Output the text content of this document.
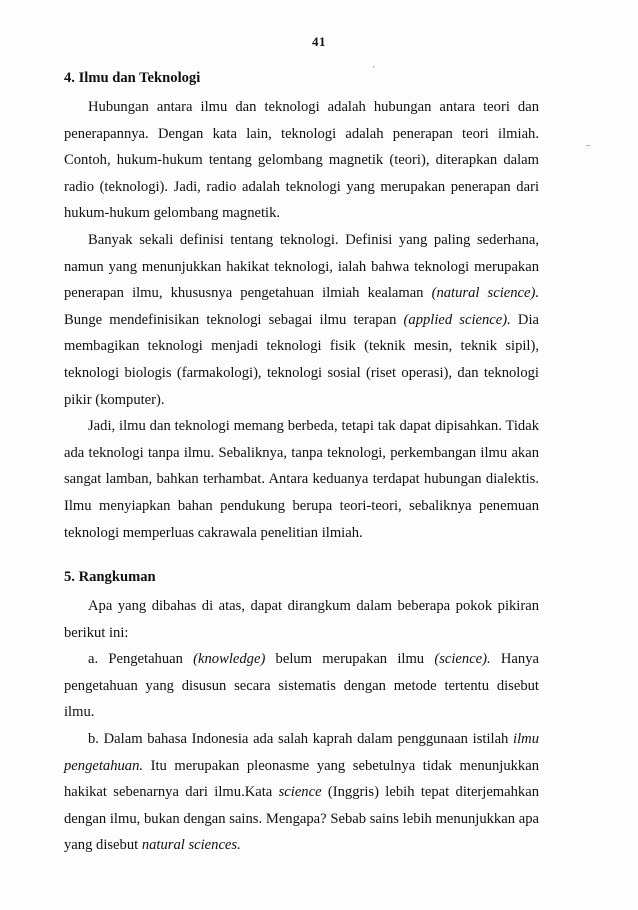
41
4. Ilmu dan Teknologi

Hubungan antara ilmu dan teknologi adalah hubungan antara teori dan penerapannya. Dengan kata lain, teknologi adalah penerapan teori ilmiah. Contoh, hukum-hukum tentang gelombang magnetik (teori), diterapkan dalam radio (teknologi). Jadi, radio adalah teknologi yang merupakan penerapan dari hukum-hukum gelombang magnetik.

Banyak sekali definisi tentang teknologi. Definisi yang paling sederhana, namun yang menunjukkan hakikat teknologi, ialah bahwa teknologi merupakan penerapan ilmu, khususnya pengetahuan ilmiah kealaman (natural science). Bunge mendefinisikan teknologi sebagai ilmu terapan (applied science). Dia membagikan teknologi menjadi teknologi fisik (teknik mesin, teknik sipil), teknologi biologis (farmakologi), teknologi sosial (riset operasi), dan teknologi pikir (komputer).

Jadi, ilmu dan teknologi memang berbeda, tetapi tak dapat dipisahkan. Tidak ada teknologi tanpa ilmu. Sebaliknya, tanpa teknologi, perkembangan ilmu akan sangat lamban, bahkan terhambat. Antara keduanya terdapat hubungan dialektis. Ilmu menyiapkan bahan pendukung berupa teori-teori, sebaliknya penemuan teknologi memperluas cakrawala penelitian ilmiah.

5. Rangkuman

Apa yang dibahas di atas, dapat dirangkum dalam beberapa pokok pikiran berikut ini:

a. Pengetahuan (knowledge) belum merupakan ilmu (science). Hanya pengetahuan yang disusun secara sistematis dengan metode tertentu disebut ilmu.

b. Dalam bahasa Indonesia ada salah kaprah dalam penggunaan istilah ilmu pengetahuan. Itu merupakan pleonasme yang sebetulnya tidak menunjukkan hakikat sebenarnya dari ilmu.Kata science (Inggris) lebih tepat diterjemahkan dengan ilmu, bukan dengan sains. Mengapa? Sebab sains lebih menunjukkan apa yang disebut natural sciences.

·
–
